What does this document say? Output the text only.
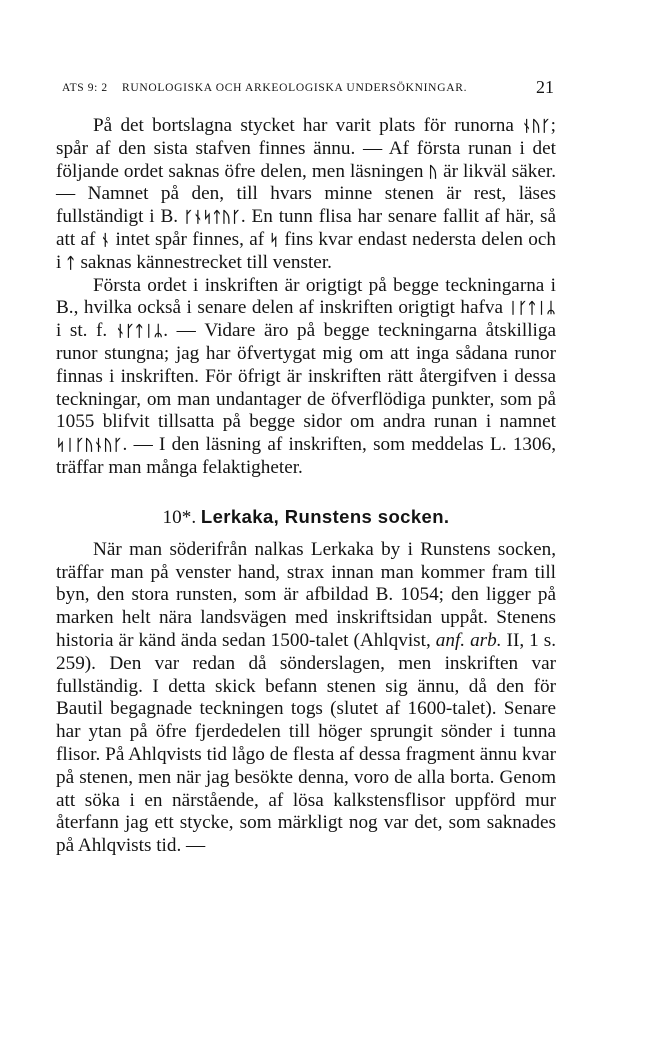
ATS 9: 2 RUNOLOGISKA OCH ARKEOLOGISKA UNDERSÖKNINGAR.	21

På det bortslagna stycket har varit plats för runorna ᚾᚢᚴ; spår af den sista stafven finnes ännu. — Af första runan i det följande ordet saknas öfre delen, men läsningen ᚢ är likväl säker. — Namnet på den, till hvars minne stenen är rest, läses fullständigt i B. ᚴᚾᛋᛏᚢᚴ. En tunn flisa har senare fallit af här, så att af ᚾ intet spår finnes, af ᛋ fins kvar endast nedersta delen och i ᛏ saknas kännestrecket till venster.

Första ordet i inskriften är origtigt på begge teckningarna i B., hvilka också i senare delen af inskriften origtigt hafva ᛁᚴᛏᛁᛦ i st. f. ᚾᚴᛏᛁᛦ. — Vidare äro på begge teckningarna åtskilliga runor stungna; jag har öfvertygat mig om att inga sådana runor finnas i inskriften. För öfrigt är inskriften rätt återgifven i dessa teckningar, om man undantager de öfverflödiga punkter, som på 1055 blifvit tillsatta på begge sidor om andra runan i namnet ᛋᛁᚴᚢᚾᚢᚴ. — I den läsning af inskriften, som meddelas L. 1306, träffar man många felaktigheter.

10*. Lerkaka, Runstens socken.

När man söderifrån nalkas Lerkaka by i Runstens socken, träffar man på venster hand, strax innan man kommer fram till byn, den stora runsten, som är afbildad B. 1054; den ligger på marken helt nära landsvägen med inskriftsidan uppåt. Stenens historia är känd ända sedan 1500-talet (Ahlqvist, anf. arb. II, 1 s. 259). Den var redan då sönderslagen, men inskriften var fullständig. I detta skick befann stenen sig ännu, då den för Bautil begagnade teckningen togs (slutet af 1600-talet). Senare har ytan på öfre fjerdedelen till höger sprungit sönder i tunna flisor. På Ahlqvists tid lågo de flesta af dessa fragment ännu kvar på stenen, men när jag besökte denna, voro de alla borta. Genom att söka i en närstående, af lösa kalkstensflisor uppförd mur återfann jag ett stycke, som märkligt nog var det, som saknades på Ahlqvists tid. —
